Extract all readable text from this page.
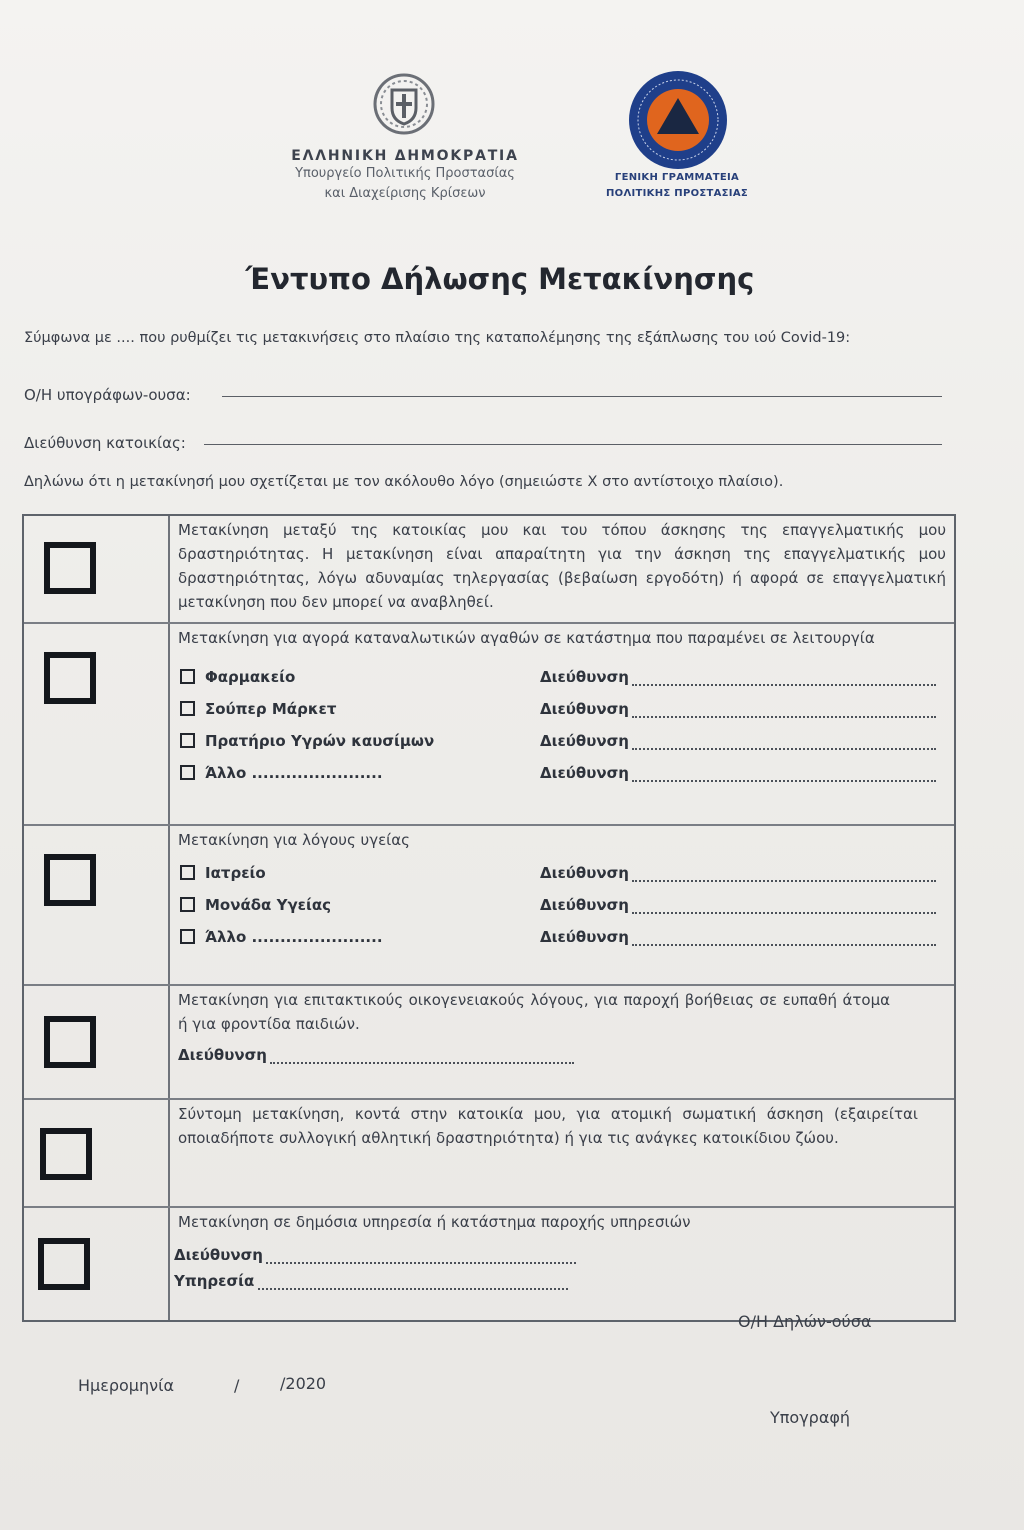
ΕΛΛΗΝΙΚΗ ΔΗΜΟΚΡΑΤΙΑ
Υπουργείο Πολιτικής Προστασίας
και Διαχείρισης Κρίσεων
ΓΕΝΙΚΗ ΓΡΑΜΜΑΤΕΙΑ
ΠΟΛΙΤΙΚΗΣ ΠΡΟΣΤΑΣΙΑΣ
Έντυπο Δήλωσης Μετακίνησης
Σύμφωνα με .... που ρυθμίζει τις μετακινήσεις στο πλαίσιο της καταπολέμησης της εξάπλωσης του ιού Covid-19:
Ο/Η υπογράφων-ουσα:
Διεύθυνση κατοικίας:
Δηλώνω ότι η μετακίνησή μου σχετίζεται με τον ακόλουθο λόγο (σημειώστε Χ στο αντίστοιχο πλαίσιο).
Μετακίνηση μεταξύ της κατοικίας μου και του τόπου άσκησης της επαγγελματικής μου δραστηριότητας. Η μετακίνηση είναι απαραίτητη για την άσκηση της επαγγελματικής μου δραστηριότητας, λόγω αδυναμίας τηλεργασίας (βεβαίωση εργοδότη) ή αφορά σε επαγγελματική μετακίνηση που δεν μπορεί να αναβληθεί.
Μετακίνηση για αγορά καταναλωτικών αγαθών σε κατάστημα που παραμένει σε λειτουργία
Φαρμακείο
Σούπερ Μάρκετ
Πρατήριο Υγρών καυσίμων
Άλλο .......................
Διεύθυνση
Διεύθυνση
Διεύθυνση
Διεύθυνση
Μετακίνηση για λόγους υγείας
Ιατρείο
Μονάδα Υγείας
Άλλο .......................
Διεύθυνση
Διεύθυνση
Διεύθυνση
Μετακίνηση για επιτακτικούς οικογενειακούς λόγους, για παροχή βοήθειας σε ευπαθή άτομα ή για φροντίδα παιδιών.
Διεύθυνση
Σύντομη μετακίνηση, κοντά στην κατοικία μου, για ατομική σωματική άσκηση (εξαιρείται οποιαδήποτε συλλογική αθλητική δραστηριότητα) ή για τις ανάγκες κατοικίδιου ζώου.
Μετακίνηση σε δημόσια υπηρεσία ή κατάστημα παροχής υπηρεσιών
Διεύθυνση
Υπηρεσία
Ο/Η Δηλών-ούσα
Ημερομηνία	/	/2020
Υπογραφή
